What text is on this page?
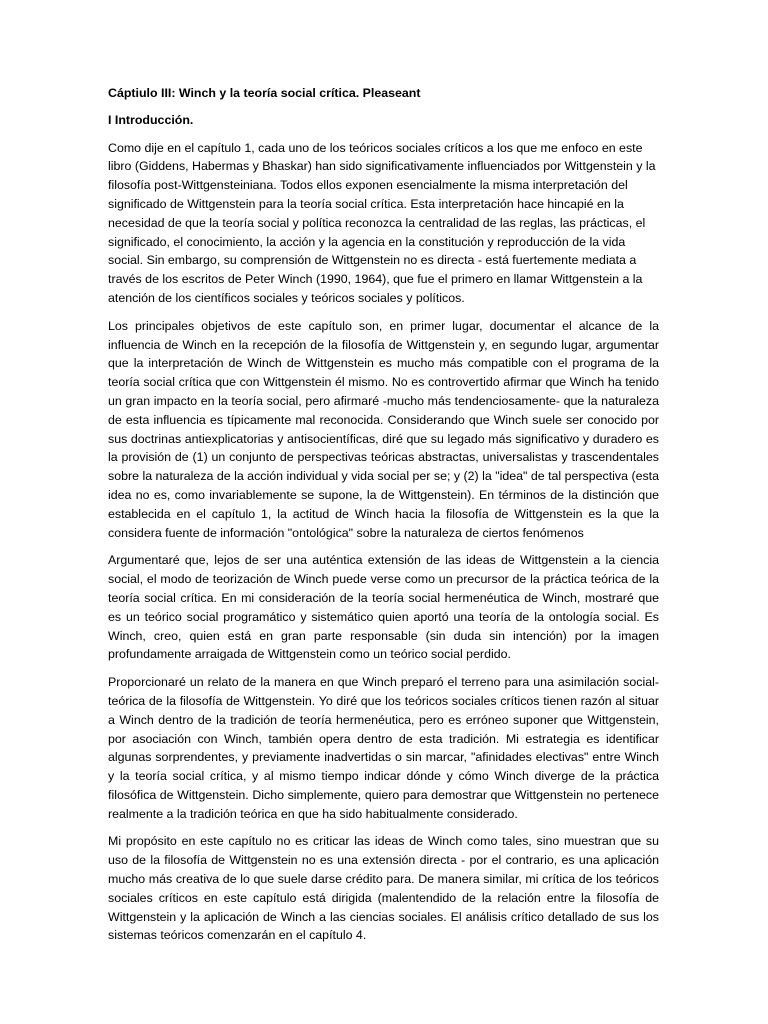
Cáptiulo III: Winch y la teoría social crítica. Pleaseant
I Introducción.

Como dije en el capítulo 1, cada uno de los teóricos sociales críticos a los que me enfoco en este libro (Giddens, Habermas y Bhaskar) han sido significativamente influenciados por Wittgenstein y la filosofía post-Wittgensteiniana. Todos ellos exponen esencialmente la misma interpretación del significado de Wittgenstein para la teoría social crítica. Esta interpretación hace hincapié en la necesidad de que la teoría social y política reconozca la centralidad de las reglas, las prácticas, el significado, el conocimiento, la acción y la agencia en la constitución y reproducción de la vida social. Sin embargo, su comprensión de Wittgenstein no es directa - está fuertemente mediata a través de los escritos de Peter Winch (1990, 1964), que fue el primero en llamar Wittgenstein a la atención de los científicos sociales y teóricos sociales y políticos.

Los principales objetivos de este capítulo son, en primer lugar, documentar el alcance de la influencia de Winch en la recepción de la filosofía de Wittgenstein y, en segundo lugar, argumentar que la interpretación de Winch de Wittgenstein es mucho más compatible con el programa de la teoría social crítica que con Wittgenstein él mismo. No es controvertido afirmar que Winch ha tenido un gran impacto en la teoría social, pero afirmaré -mucho más tendenciosamente- que la naturaleza de esta influencia es típicamente mal reconocida. Considerando que Winch suele ser conocido por sus doctrinas antiexplicatorias y antisocientíficas, diré que su legado más significativo y duradero es la provisión de (1) un conjunto de perspectivas teóricas abstractas, universalistas y trascendentales sobre la naturaleza de la acción individual y vida social per se; y (2) la "idea" de tal perspectiva (esta idea no es, como invariablemente se supone, la de Wittgenstein). En términos de la distinción que establecida en el capítulo 1, la actitud de Winch hacia la filosofía de Wittgenstein es la que la considera fuente de información "ontológica" sobre la naturaleza de ciertos fenómenos

Argumentaré que, lejos de ser una auténtica extensión de las ideas de Wittgenstein a la ciencia social, el modo de teorización de Winch puede verse como un precursor de la práctica teórica de la teoría social crítica. En mi consideración de la teoría social hermenéutica de Winch, mostraré que es un teórico social programático y sistemático quien aportó una teoría de la ontología social. Es Winch, creo, quien está en gran parte responsable (sin duda sin intención) por la imagen profundamente arraigada de Wittgenstein como un teórico social perdido.

Proporcionaré un relato de la manera en que Winch preparó el terreno para una asimilación social-teórica de la filosofía de Wittgenstein. Yo diré que los teóricos sociales críticos tienen razón al situar a Winch dentro de la tradición de teoría hermenéutica, pero es erróneo suponer que Wittgenstein, por asociación con Winch, también opera dentro de esta tradición. Mi estrategia es identificar algunas sorprendentes, y previamente inadvertidas o sin marcar, "afinidades electivas" entre Winch y la teoría social crítica, y al mismo tiempo indicar dónde y cómo Winch diverge de la práctica filosófica de Wittgenstein. Dicho simplemente, quiero para demostrar que Wittgenstein no pertenece realmente a la tradición teórica en que ha sido habitualmente considerado.

Mi propósito en este capítulo no es criticar las ideas de Winch como tales, sino muestran que su uso de la filosofía de Wittgenstein no es una extensión directa - por el contrario, es una aplicación mucho más creativa de lo que suele darse crédito para. De manera similar, mi crítica de los teóricos sociales críticos en este capítulo está dirigida (malentendido de la relación entre la filosofía de Wittgenstein y la aplicación de Winch a las ciencias sociales. El análisis crítico detallado de sus los sistemas teóricos comenzarán en el capítulo 4.
